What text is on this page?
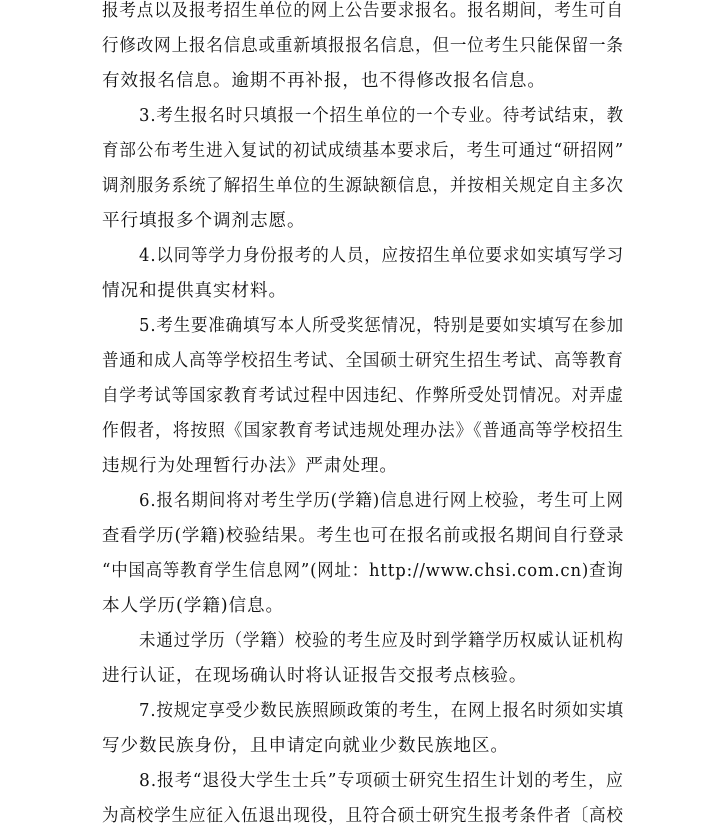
报考点以及报考招生单位的网上公告要求报名。报名期间，考生可自
行修改网上报名信息或重新填报报名信息，但一位考生只能保留一条
有效报名信息。逾期不再补报，也不得修改报名信息。
3.考生报名时只填报一个招生单位的一个专业。待考试结束，教
育部公布考生进入复试的初试成绩基本要求后，考生可通过“研招网”
调剂服务系统了解招生单位的生源缺额信息，并按相关规定自主多次
平行填报多个调剂志愿。
4.以同等学力身份报考的人员，应按招生单位要求如实填写学习
情况和提供真实材料。
5.考生要准确填写本人所受奖惩情况，特别是要如实填写在参加
普通和成人高等学校招生考试、全国硕士研究生招生考试、高等教育
自学考试等国家教育考试过程中因违纪、作弊所受处罚情况。对弄虚
作假者，将按照《国家教育考试违规处理办法》《普通高等学校招生
违规行为处理暂行办法》严肃处理。
6.报名期间将对考生学历(学籍)信息进行网上校验，考生可上网
查看学历(学籍)校验结果。考生也可在报名前或报名期间自行登录
“中国高等教育学生信息网”(网址：http://www.chsi.com.cn)查询
本人学历(学籍)信息。
未通过学历（学籍）校验的考生应及时到学籍学历权威认证机构
进行认证，在现场确认时将认证报告交报考点核验。
7.按规定享受少数民族照顾政策的考生，在网上报名时须如实填
写少数民族身份，且申请定向就业少数民族地区。
8.报考“退役大学生士兵”专项硕士研究生招生计划的考生，应
为高校学生应征入伍退出现役，且符合硕士研究生报考条件者〔高校
